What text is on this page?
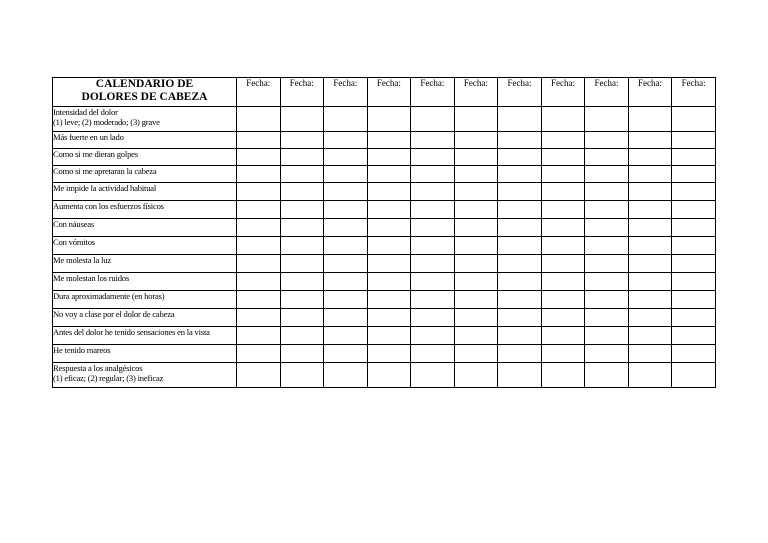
CALENDARIO DE
DOLORES DE CABEZA	Fecha:	Fecha:	Fecha:	Fecha:	Fecha:	Fecha:	Fecha:	Fecha:	Fecha:	Fecha:	Fecha:

Intensidad del dolor
(1) leve; (2) moderado; (3) grave											

Más fuerte en un lado											

Como si me dieran golpes											

Como si me apretaran la cabeza											

Me impide la actividad habitual											

Aumenta con los esfuerzos físicos											

Con náuseas											

Con vómitos											

Me molesta la luz											

Me molestan los ruidos											

Dura aproximadamente (en horas)											

No voy a clase por el dolor de cabeza											

Antes del dolor he tenido sensaciones en la vista											

He tenido mareos											

Respuesta a los analgésicos
(1) eficaz; (2) regular; (3) ineficaz											
